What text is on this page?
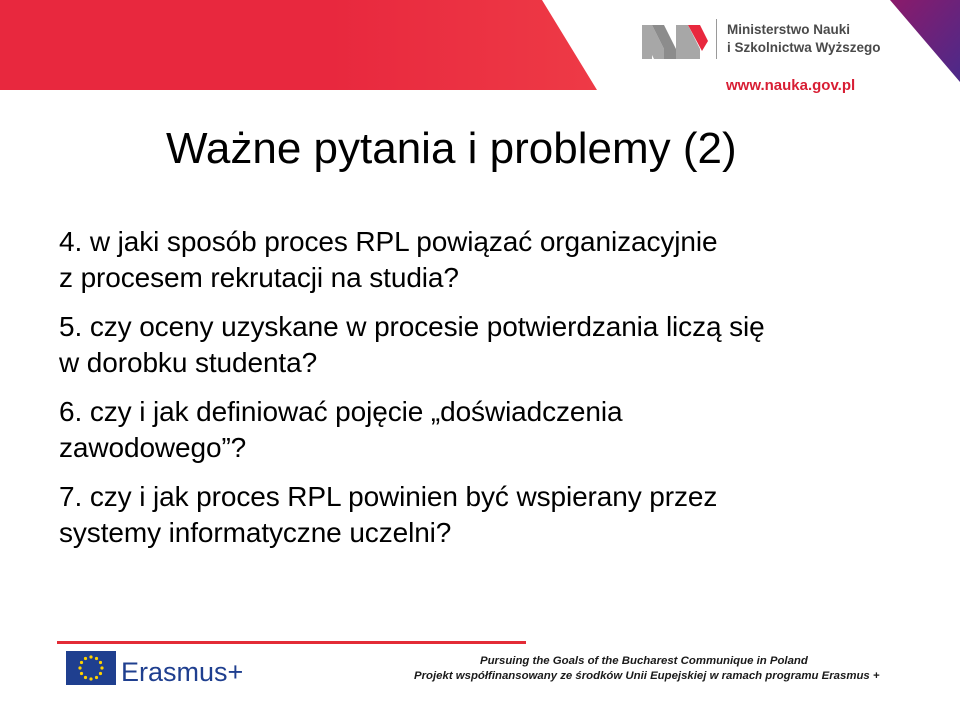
Ministerstwo Nauki
i Szkolnictwa Wyższego
www.nauka.gov.pl
Ważne pytania i problemy (2)
4. w jaki sposób proces RPL powiązać organizacyjnie
z procesem rekrutacji na studia?
5. czy oceny uzyskane w procesie potwierdzania liczą się
w dorobku studenta?
6. czy i jak definiować pojęcie „doświadczenia
zawodowego”?
7. czy i jak proces RPL powinien być wspierany przez
systemy informatyczne uczelni?
Erasmus+	Pursuing the Goals of the Bucharest Communique in Poland
Projekt współfinansowany ze środków Unii Eupejskiej w ramach programu Erasmus +
